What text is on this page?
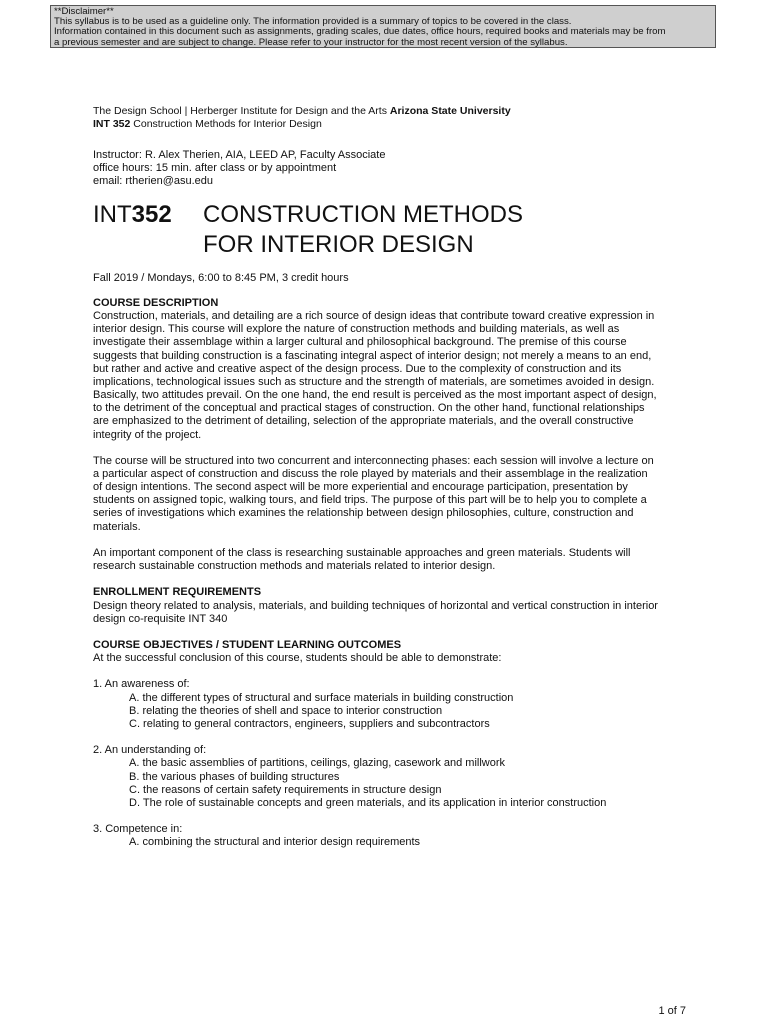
**Disclaimer**
This syllabus is to be used as a guideline only. The information provided is a summary of topics to be covered in the class.
Information contained in this document such as assignments, grading scales, due dates, office hours, required books and materials may be from
a previous semester and are subject to change. Please refer to your instructor for the most recent version of the syllabus.
The Design School | Herberger Institute for Design and the Arts Arizona State University
INT 352 Construction Methods for Interior Design
Instructor: R. Alex Therien, AIA, LEED AP, Faculty Associate
office hours: 15 min. after class or by appointment
email: rtherien@asu.edu
INT352 CONSTRUCTION METHODS
FOR INTERIOR DESIGN
Fall 2019 / Mondays, 6:00 to 8:45 PM, 3 credit hours
COURSE DESCRIPTION
Construction, materials, and detailing are a rich source of design ideas that contribute toward creative expression in
interior design. This course will explore the nature of construction methods and building materials, as well as
investigate their assemblage within a larger cultural and philosophical background. The premise of this course
suggests that building construction is a fascinating integral aspect of interior design; not merely a means to an end,
but rather and active and creative aspect of the design process. Due to the complexity of construction and its
implications, technological issues such as structure and the strength of materials, are sometimes avoided in design.
Basically, two attitudes prevail. On the one hand, the end result is perceived as the most important aspect of design,
to the detriment of the conceptual and practical stages of construction. On the other hand, functional relationships
are emphasized to the detriment of detailing, selection of the appropriate materials, and the overall constructive
integrity of the project.
The course will be structured into two concurrent and interconnecting phases: each session will involve a lecture on
a particular aspect of construction and discuss the role played by materials and their assemblage in the realization
of design intentions. The second aspect will be more experiential and encourage participation, presentation by
students on assigned topic, walking tours, and field trips. The purpose of this part will be to help you to complete a
series of investigations which examines the relationship between design philosophies, culture, construction and
materials.
An important component of the class is researching sustainable approaches and green materials. Students will
research sustainable construction methods and materials related to interior design.
ENROLLMENT REQUIREMENTS
Design theory related to analysis, materials, and building techniques of horizontal and vertical construction in interior
design co-requisite INT 340
COURSE OBJECTIVES / STUDENT LEARNING OUTCOMES
At the successful conclusion of this course, students should be able to demonstrate:
1. An awareness of:
A. the different types of structural and surface materials in building construction
B. relating the theories of shell and space to interior construction
C. relating to general contractors, engineers, suppliers and subcontractors
2. An understanding of:
A. the basic assemblies of partitions, ceilings, glazing, casework and millwork
B. the various phases of building structures
C. the reasons of certain safety requirements in structure design
D. The role of sustainable concepts and green materials, and its application in interior construction
3. Competence in:
A. combining the structural and interior design requirements
1 of 7
